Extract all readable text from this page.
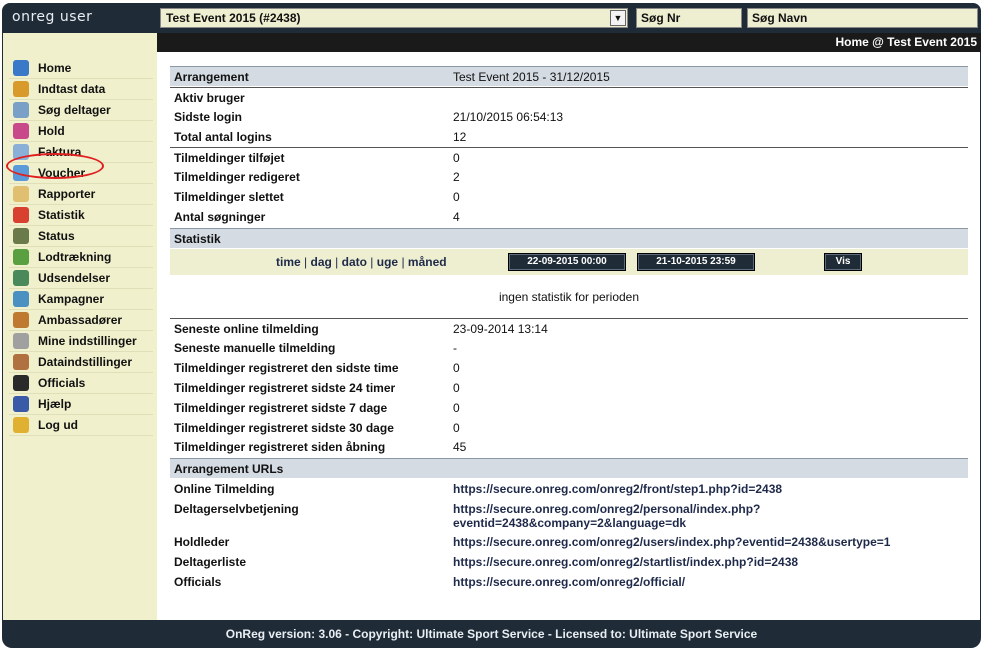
onreg user	Test Event 2015 (#2438)	▼	Søg Nr	Søg Navn
Home
Indtast data
Søg deltager
Hold
Faktura
Voucher
Rapporter
Statistik
Status
Lodtrækning
Udsendelser
Kampagner
Ambassadører
Mine indstillinger
Dataindstillinger
Officials
Hjælp
Log ud
Home @ Test Event 2015
Arrangement	Test Event 2015 - 31/12/2015
Aktiv bruger
Sidste login	21/10/2015 06:54:13
Total antal logins	12
Tilmeldinger tilføjet	0
Tilmeldinger redigeret	2
Tilmeldinger slettet	0
Antal søgninger	4
Statistik
time | dag | dato | uge | måned	22-09-2015 00:00	21-10-2015 23:59	Vis
ingen statistik for perioden
Seneste online tilmelding	23-09-2014 13:14
Seneste manuelle tilmelding	-
Tilmeldinger registreret den sidste time	0
Tilmeldinger registreret sidste 24 timer	0
Tilmeldinger registreret sidste 7 dage	0
Tilmeldinger registreret sidste 30 dage	0
Tilmeldinger registreret siden åbning	45
Arrangement URLs
Online Tilmelding	https://secure.onreg.com/onreg2/front/step1.php?id=2438
Deltagerselvbetjening	https://secure.onreg.com/onreg2/personal/index.php?
eventid=2438&company=2&language=dk
Holdleder	https://secure.onreg.com/onreg2/users/index.php?eventid=2438&usertype=1
Deltagerliste	https://secure.onreg.com/onreg2/startlist/index.php?id=2438
Officials	https://secure.onreg.com/onreg2/official/
OnReg version: 3.06 - Copyright: Ultimate Sport Service - Licensed to: Ultimate Sport Service
